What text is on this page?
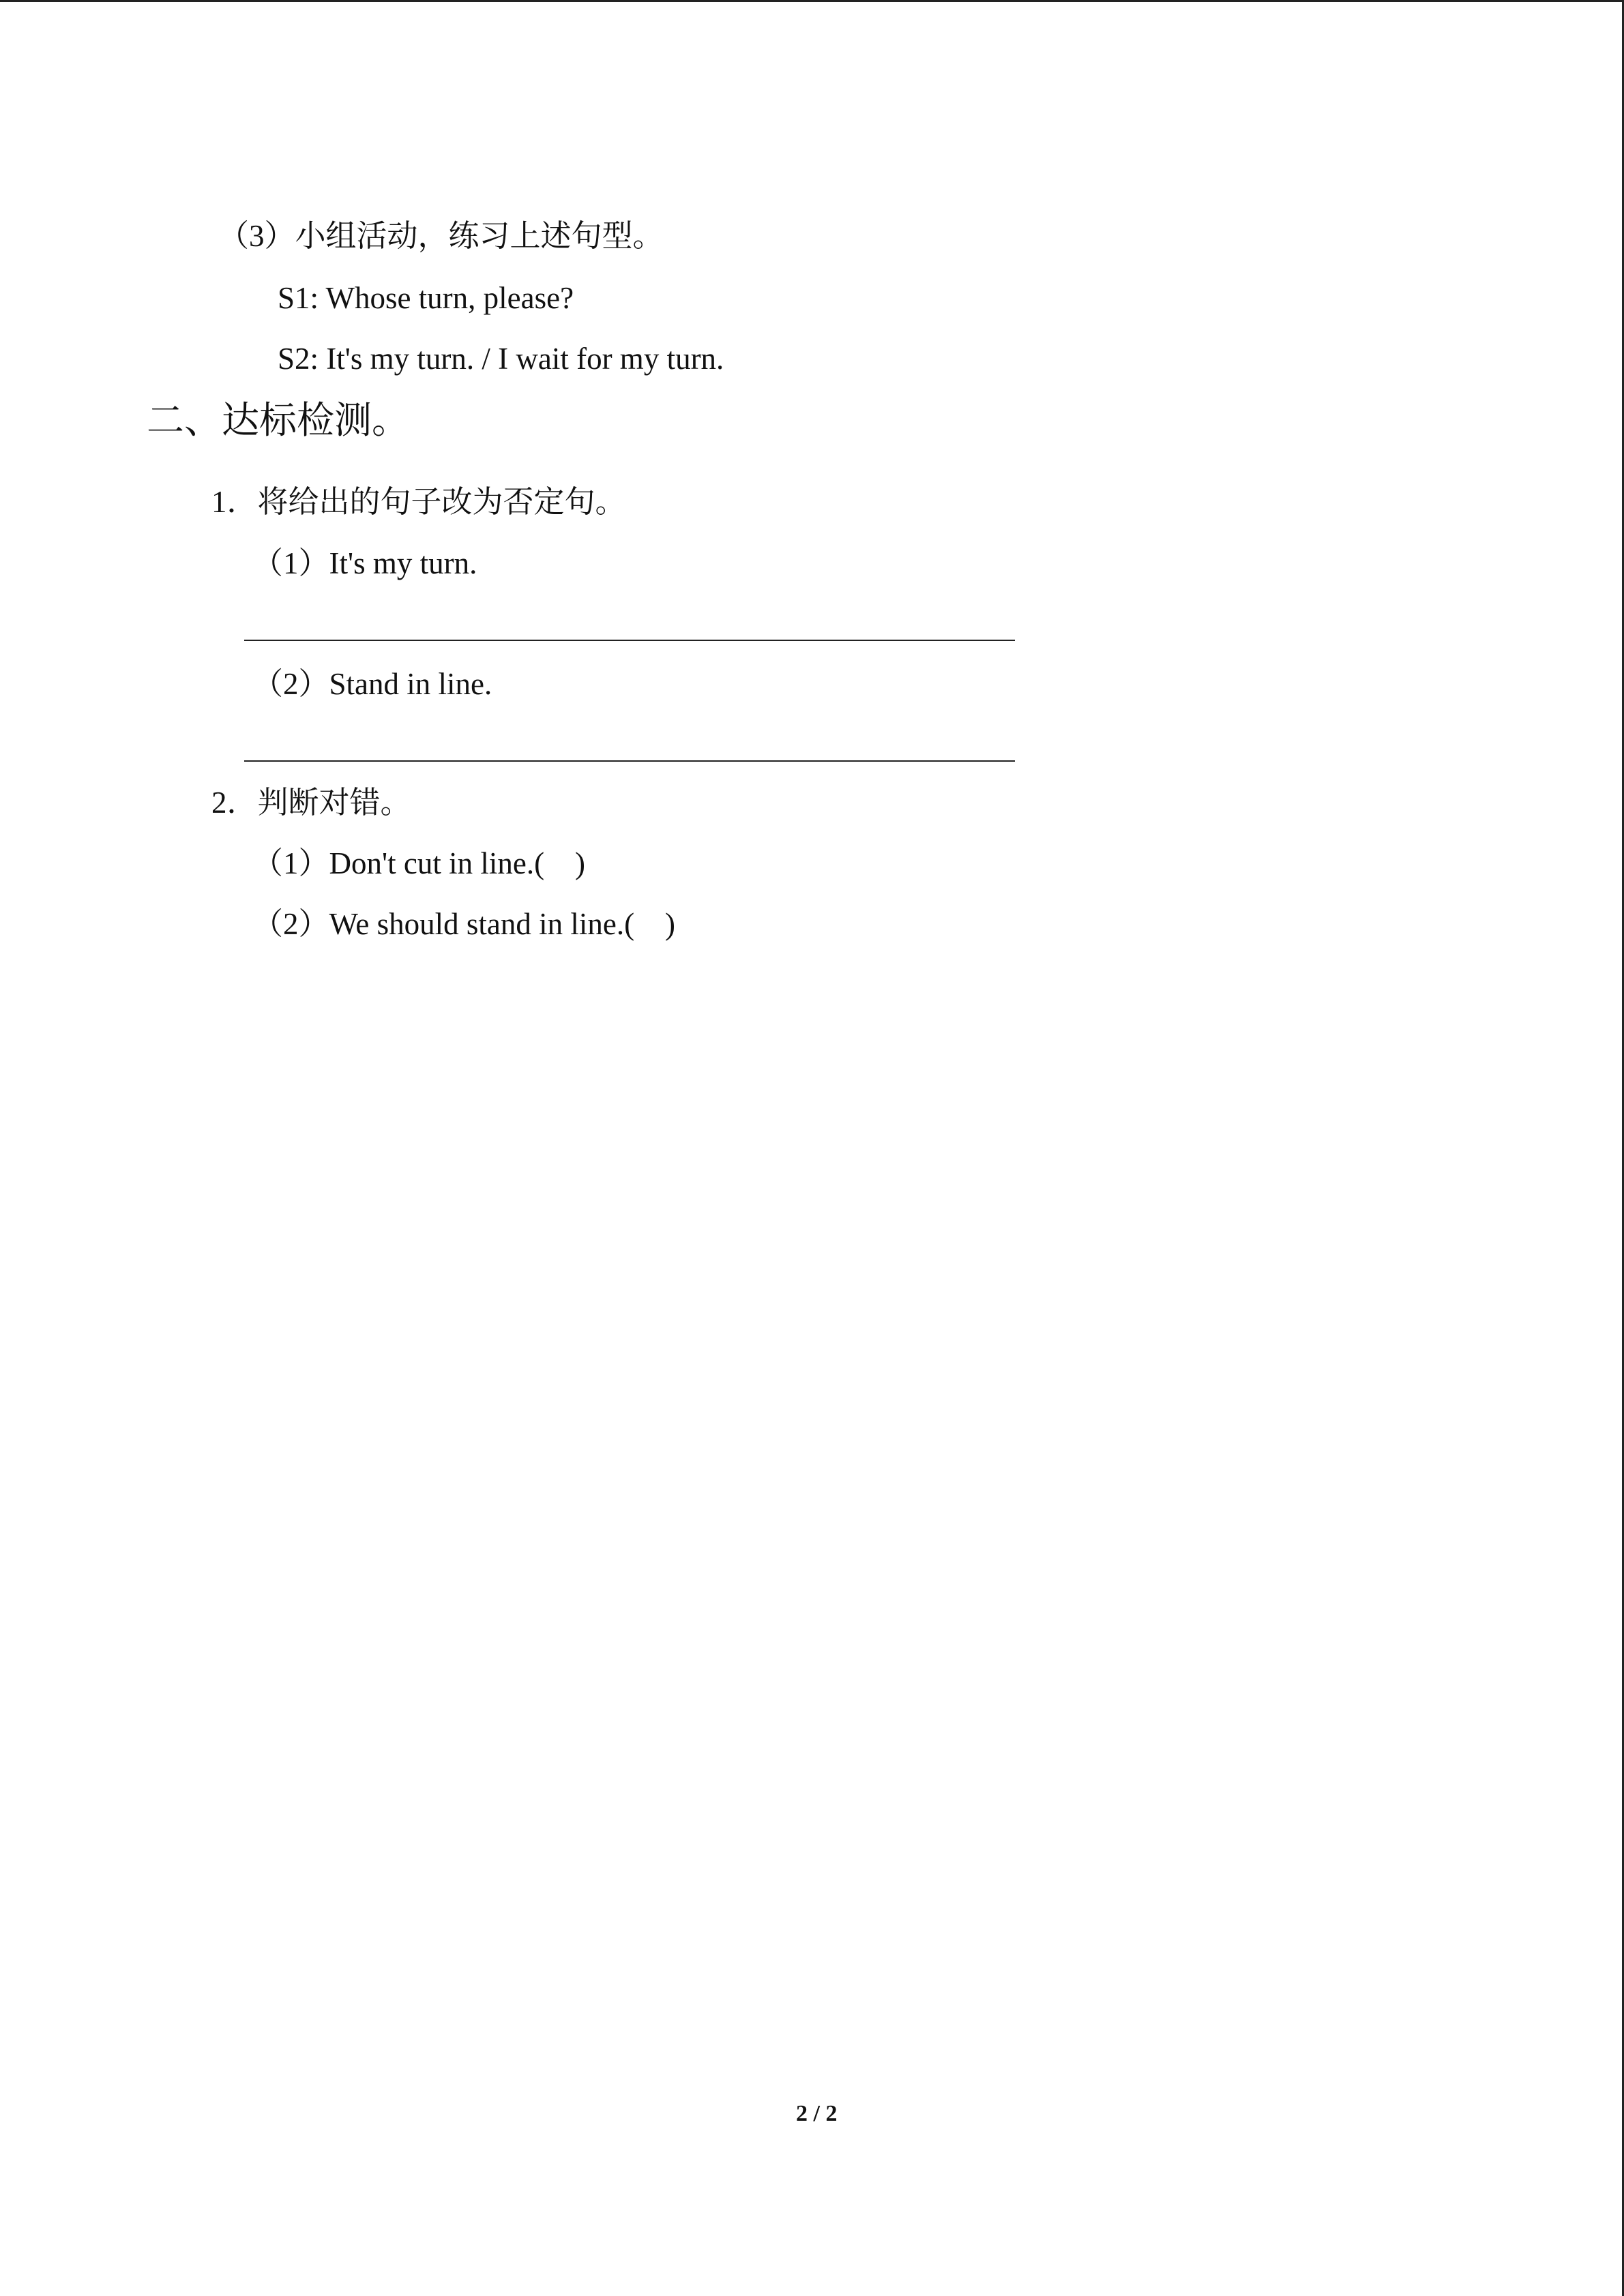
（3）小组活动，练习上述句型。
S1: Whose turn, please?
S2: It's my turn. / I wait for my turn.
二、达标检测。
1．将给出的句子改为否定句。
（1）It's my turn.
（2）Stand in line.
2．判断对错。
（1）Don't cut in line.(    )
（2）We should stand in line.(    )
2 / 2
